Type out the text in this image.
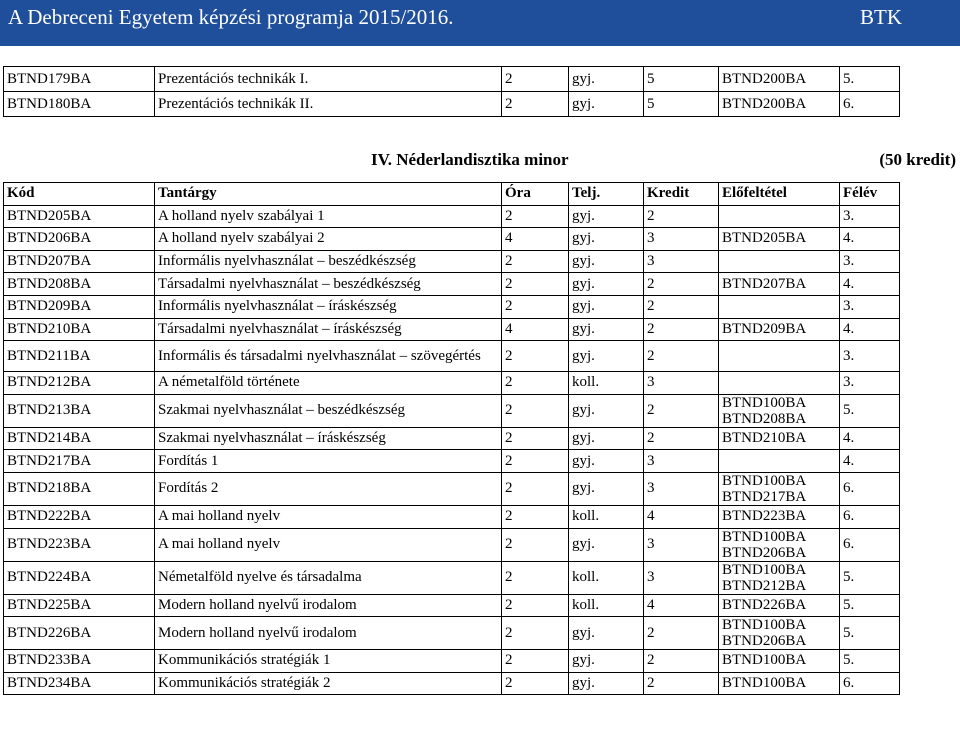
A Debreceni Egyetem képzési programja 2015/2016.	BTK
BTND179BA	Prezentációs technikák I.	2	gyj.	5	BTND200BA	5.
BTND180BA	Prezentációs technikák II.	2	gyj.	5	BTND200BA	6.
IV. Néderlandisztika minor	(50 kredit)
Kód	Tantárgy	Óra	Telj.	Kredit	Előfeltétel	Félév
BTND205BA	A holland nyelv szabályai 1	2	gyj.	2		3.
BTND206BA	A holland nyelv szabályai 2	4	gyj.	3	BTND205BA	4.
BTND207BA	Informális nyelvhasználat – beszédkészség	2	gyj.	3		3.
BTND208BA	Társadalmi nyelvhasználat – beszédkészség	2	gyj.	2	BTND207BA	4.
BTND209BA	Informális nyelvhasználat – íráskészség	2	gyj.	2		3.
BTND210BA	Társadalmi nyelvhasználat – íráskészség	4	gyj.	2	BTND209BA	4.
BTND211BA	Informális és társadalmi nyelvhasználat – szövegértés	2	gyj.	2		3.
BTND212BA	A németalföld története	2	koll.	3		3.
BTND213BA	Szakmai nyelvhasználat – beszédkészség	2	gyj.	2	BTND100BA BTND208BA	5.
BTND214BA	Szakmai nyelvhasználat – íráskészség	2	gyj.	2	BTND210BA	4.
BTND217BA	Fordítás 1	2	gyj.	3		4.
BTND218BA	Fordítás 2	2	gyj.	3	BTND100BA BTND217BA	6.
BTND222BA	A mai holland nyelv	2	koll.	4	BTND223BA	6.
BTND223BA	A mai holland nyelv	2	gyj.	3	BTND100BA BTND206BA	6.
BTND224BA	Németalföld nyelve és társadalma	2	koll.	3	BTND100BA BTND212BA	5.
BTND225BA	Modern holland nyelvű irodalom	2	koll.	4	BTND226BA	5.
BTND226BA	Modern holland nyelvű irodalom	2	gyj.	2	BTND100BA BTND206BA	5.
BTND233BA	Kommunikációs stratégiák 1	2	gyj.	2	BTND100BA	5.
BTND234BA	Kommunikációs stratégiák 2	2	gyj.	2	BTND100BA	6.
